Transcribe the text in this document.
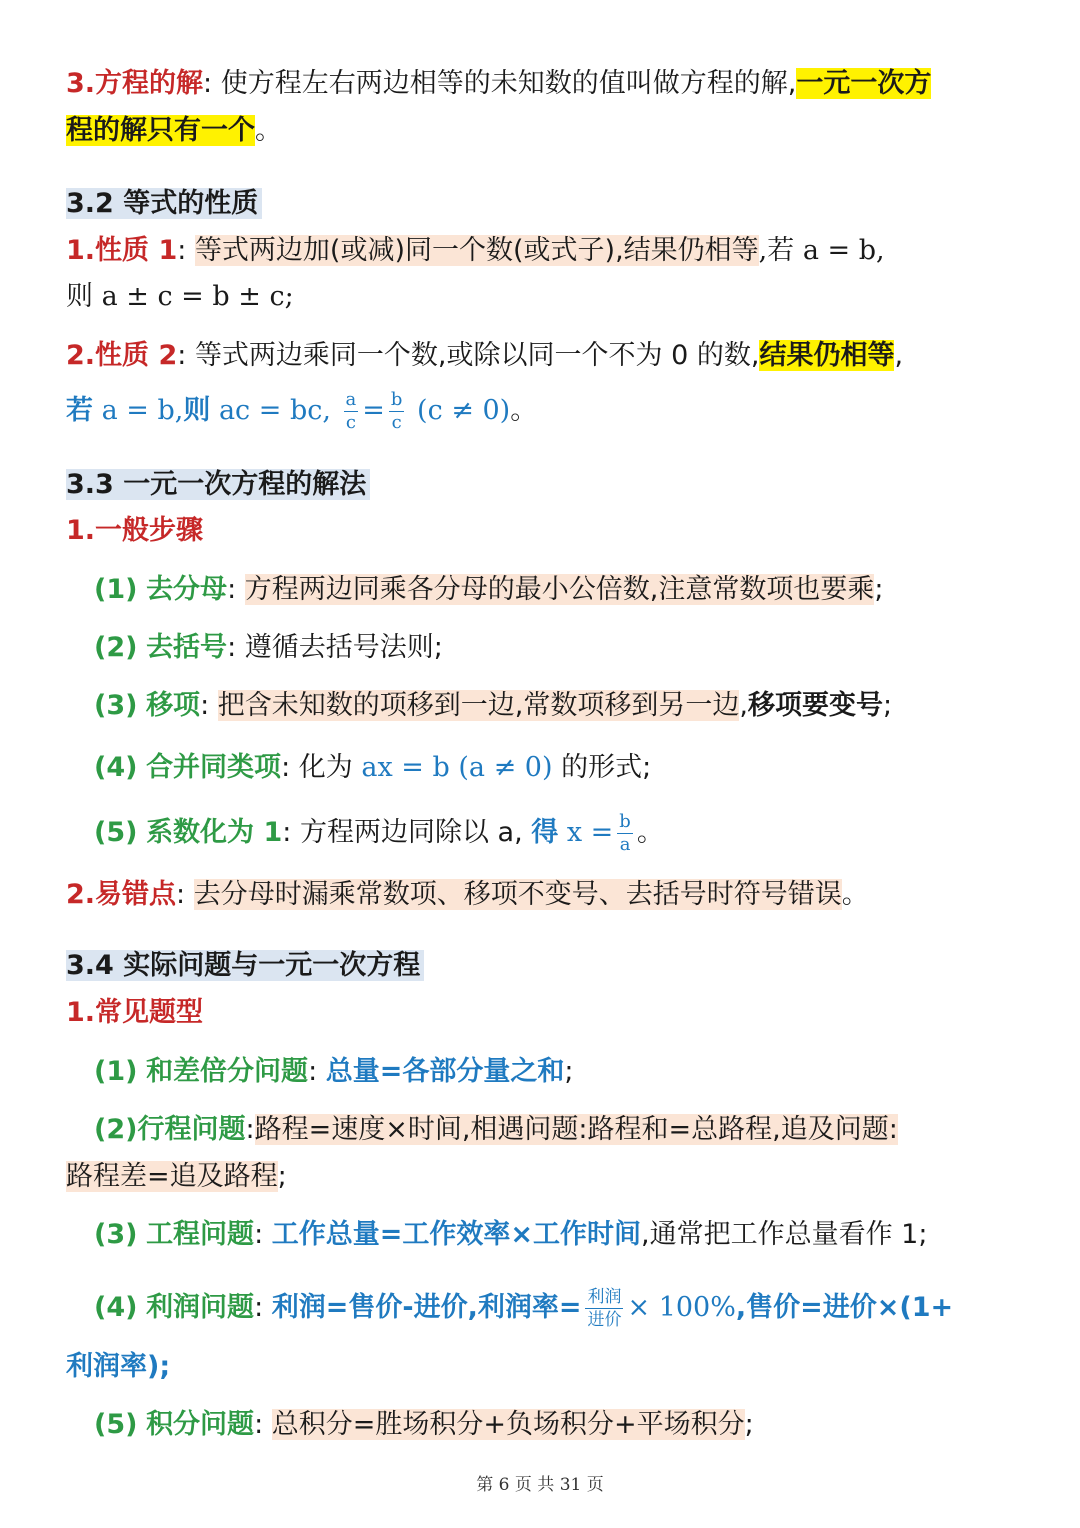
3.方程的解: 使方程左右两边相等的未知数的值叫做方程的解,一元一次方
程的解只有一个。
3.2 等式的性质
1.性质 1: 等式两边加(或减)同一个数(或式子),结果仍相等,若 a = b,
则 a ± c = b ± c;
2.性质 2: 等式两边乘同一个数,或除以同一个不为 0 的数,结果仍相等,
若 a = b,则 ac = bc, $\frac{a}{c} = \frac{b}{c} (c \ne 0)$。
3.3 一元一次方程的解法
1.一般步骤
(1) 去分母: 方程两边同乘各分母的最小公倍数,注意常数项也要乘;
(2) 去括号: 遵循去括号法则;
(3) 移项: 把含未知数的项移到一边,常数项移到另一边,移项要变号;
(4) 合并同类项: 化为 ax = b (a ≠ 0) 的形式;
(5) 系数化为 1: 方程两边同除以 a, 得 $x = \frac{b}{a}$ 。
2.易错点: 去分母时漏乘常数项、移项不变号、去括号时符号错误。
3.4 实际问题与一元一次方程
1.常见题型
(1) 和差倍分问题: 总量=各部分量之和;
(2)行程问题:路程=速度×时间,相遇问题:路程和=总路程,追及问题:
路程差=追及路程;
(3) 工程问题: 工作总量=工作效率×工作时间,通常把工作总量看作 1;
(4) 利润问题: 利润=售价-进价,利润率= $\frac{\text{利润}}{\text{进价}} \times 100\%$,售价=进价×(1+
利润率);
(5) 积分问题: 总积分=胜场积分+负场积分+平场积分;
第 6 页 共 31 页
